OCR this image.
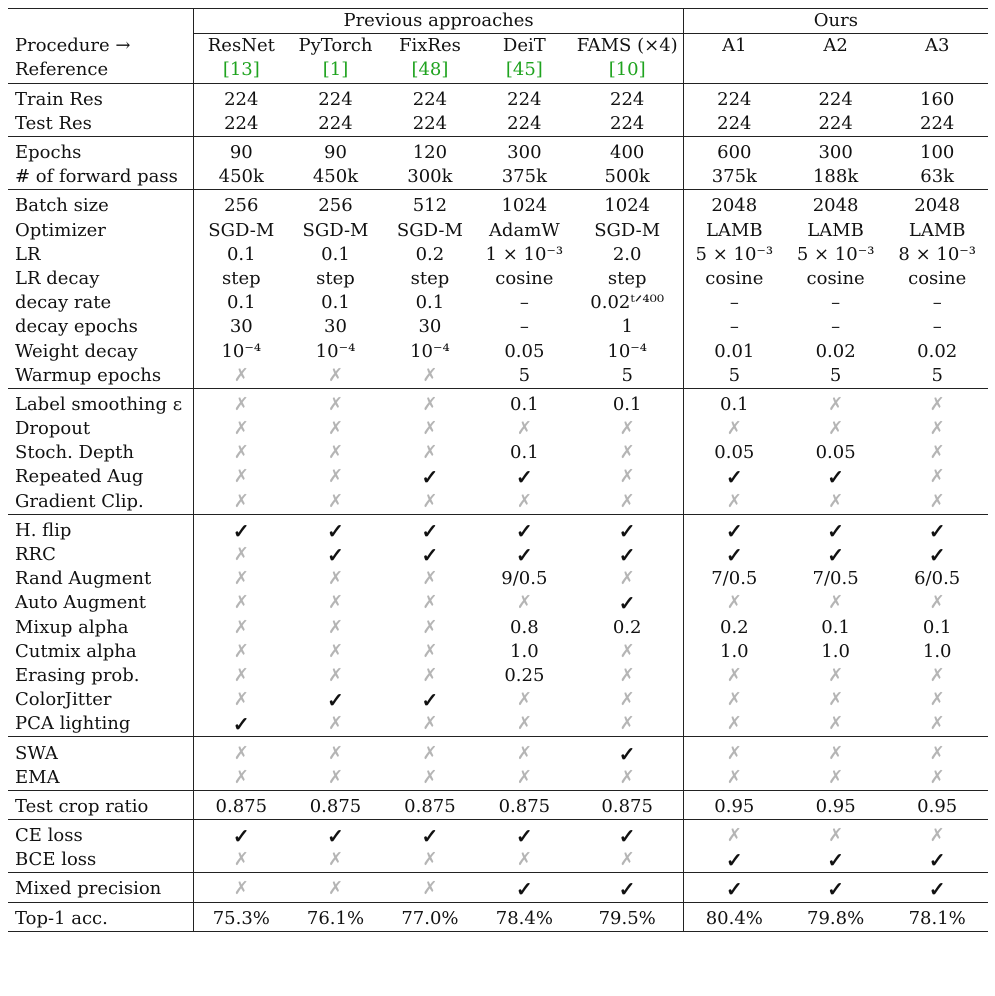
	Previous approaches					Ours		
Procedure →	ResNet	PyTorch	FixRes	DeiT	FAMS (×4)	A1	A2	A3
Reference	[13]	[1]	[48]	[45]	[10]			
Train Res	224	224	224	224	224	224	224	160
Test Res	224	224	224	224	224	224	224	224
Epochs	90	90	120	300	400	600	300	100
# of forward pass	450k	450k	300k	375k	500k	375k	188k	63k
Batch size	256	256	512	1024	1024	2048	2048	2048
Optimizer	SGD-M	SGD-M	SGD-M	AdamW	SGD-M	LAMB	LAMB	LAMB
LR	0.1	0.1	0.2	1 × 10⁻³	2.0	5 × 10⁻³	5 × 10⁻³	8 × 10⁻³
LR decay	step	step	step	cosine	step	cosine	cosine	cosine
decay rate	0.1	0.1	0.1	–	0.02ᵗᐟ⁴⁰⁰	–	–	–
decay epochs	30	30	30	–	1	–	–	–
Weight decay	10⁻⁴	10⁻⁴	10⁻⁴	0.05	10⁻⁴	0.01	0.02	0.02
Warmup epochs	✗	✗	✗	5	5	5	5	5
Label smoothing ε	✗	✗	✗	0.1	0.1	0.1	✗	✗
Dropout	✗	✗	✗	✗	✗	✗	✗	✗
Stoch. Depth	✗	✗	✗	0.1	✗	0.05	0.05	✗
Repeated Aug	✗	✗	✓	✓	✗	✓	✓	✗
Gradient Clip.	✗	✗	✗	✗	✗	✗	✗	✗
H. flip	✓	✓	✓	✓	✓	✓	✓	✓
RRC	✗	✓	✓	✓	✓	✓	✓	✓
Rand Augment	✗	✗	✗	9/0.5	✗	7/0.5	7/0.5	6/0.5
Auto Augment	✗	✗	✗	✗	✓	✗	✗	✗
Mixup alpha	✗	✗	✗	0.8	0.2	0.2	0.1	0.1
Cutmix alpha	✗	✗	✗	1.0	✗	1.0	1.0	1.0
Erasing prob.	✗	✗	✗	0.25	✗	✗	✗	✗
ColorJitter	✗	✓	✓	✗	✗	✗	✗	✗
PCA lighting	✓	✗	✗	✗	✗	✗	✗	✗
SWA	✗	✗	✗	✗	✓	✗	✗	✗
EMA	✗	✗	✗	✗	✗	✗	✗	✗
Test crop ratio	0.875	0.875	0.875	0.875	0.875	0.95	0.95	0.95
CE loss	✓	✓	✓	✓	✓	✗	✗	✗
BCE loss	✗	✗	✗	✗	✗	✓	✓	✓
Mixed precision	✗	✗	✗	✓	✓	✓	✓	✓
Top-1 acc.	75.3%	76.1%	77.0%	78.4%	79.5%	80.4%	79.8%	78.1%
